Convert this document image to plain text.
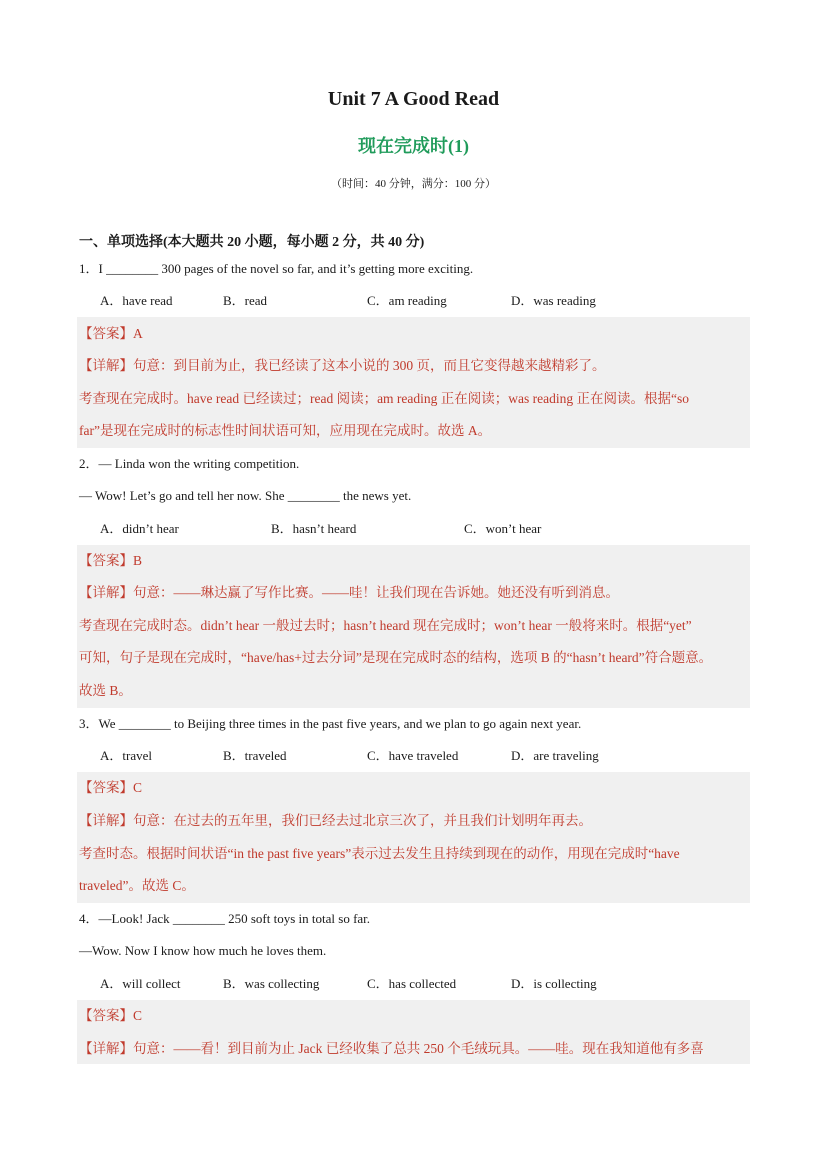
Unit 7 A Good Read
现在完成时(1)
（时间：40 分钟，满分：100 分）
一、单项选择(本大题共 20 小题，每小题 2 分，共 40 分)
1．I ________ 300 pages of the novel so far, and it’s getting more exciting.
A．have read	B．read	C．am reading	D．was reading
【答案】A
【详解】句意：到目前为止，我已经读了这本小说的 300 页，而且它变得越来越精彩了。
考查现在完成时。have read 已经读过；read 阅读；am reading 正在阅读；was reading 正在阅读。根据“so
far”是现在完成时的标志性时间状语可知，应用现在完成时。故选 A。
2．— Linda won the writing competition.
— Wow! Let’s go and tell her now. She ________ the news yet.
A．didn’t hear	B．hasn’t heard	C．won’t hear
【答案】B
【详解】句意：——琳达赢了写作比赛。——哇！让我们现在告诉她。她还没有听到消息。
考查现在完成时态。didn’t hear 一般过去时；hasn’t heard 现在完成时；won’t hear 一般将来时。根据“yet”
可知，句子是现在完成时，“have/has+过去分词”是现在完成时态的结构，选项 B 的“hasn’t heard”符合题意。
故选 B。
3．We ________ to Beijing three times in the past five years, and we plan to go again next year.
A．travel	B．traveled	C．have traveled	D．are traveling
【答案】C
【详解】句意：在过去的五年里，我们已经去过北京三次了，并且我们计划明年再去。
考查时态。根据时间状语“in the past five years”表示过去发生且持续到现在的动作，用现在完成时“have
traveled”。故选 C。
4．—Look! Jack ________ 250 soft toys in total so far.
—Wow. Now I know how much he loves them.
A．will collect	B．was collecting	C．has collected	D．is collecting
【答案】C
【详解】句意：——看！到目前为止 Jack 已经收集了总共 250 个毛绒玩具。——哇。现在我知道他有多喜
